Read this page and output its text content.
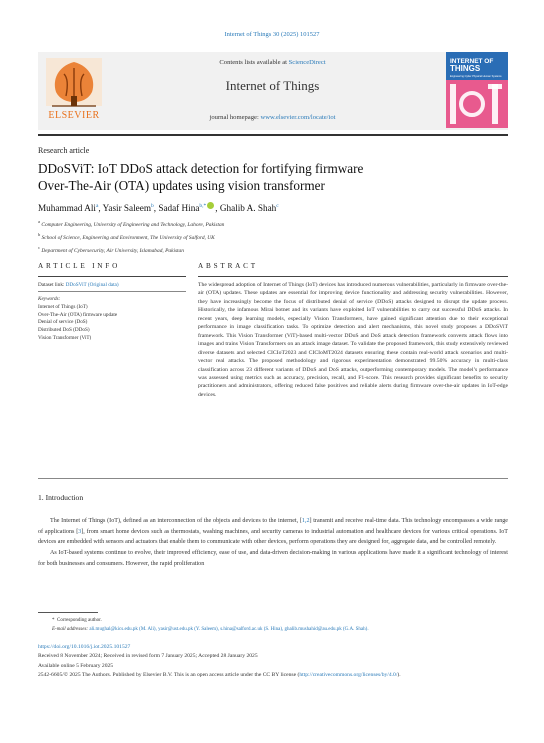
Internet of Things 30 (2025) 101527
ELSEVIER
Contents lists available at ScienceDirect
Internet of Things
journal homepage: www.elsevier.com/locate/iot
INTERNET OF
THINGS
Engineering Cyber Physical Human Systems
Research article
DDoSViT: IoT DDoS attack detection for fortifying firmware
Over-The-Air (OTA) updates using vision transformer
Muhammad Ali$^a$, Yasir Saleem$^b$, Sadaf Hina$^{b,*}$ , Ghalib A. Shah$^c$
$^a$ Computer Engineering, University of Engineering and Technology, Lahore, Pakistan
$^b$ School of Science, Engineering and Environment, The University of Salford, UK
$^c$ Department of Cybersecurity, Air University, Islamabad, Pakistan
ARTICLE INFO	ABSTRACT
Dataset link: DDoSViT (Original data)
Keywords:
Internet of Things (IoT)
Over-The-Air (OTA) firmware update
Denial of service (DoS)
Distributed DoS (DDoS)
Vision Transformer (ViT)
The widespread adoption of Internet of Things (IoT) devices has introduced numerous vulnerabilities, particularly in firmware over-the-air (OTA) updates. These updates are essential for improving device functionality and addressing security vulnerabilities. However, they have increasingly become the focus of distributed denial of service (DDoS) attacks designed to disrupt the update process. Historically, the infamous Mirai botnet and its variants have exploited IoT vulnerabilities to carry out successful DDoS attacks. In recent years, deep learning models, especially Vision Transformers, have gained significant attention due to their exceptional performance in image classification tasks. To optimize detection and alert mechanisms, this novel study proposes a DDoSViT framework. This Vision Transformer (ViT)-based multi-vector DDoS and DoS attack detection framework converts attack flows into images and trains Vision Transformers on an attack image dataset. To validate the proposed framework, this study extensively reviewed diverse datasets and selected CICIoT2023 and CICIoMT2024 datasets ensuring these contain real-world attack scenarios and multi-vector real attacks. The proposed methodology and rigorous experimentation demonstrated 99.50% accuracy in multi-class classification across 23 different variants of DDoS and DoS attacks, outperforming contemporary models. The model’s performance was assessed using metrics such as accuracy, precision, recall, and F1-score. This research provides significant benefits to security practitioners and administrators, offering reduced false positives and reliable alerts during firmware over-the-air updates in IoT-edge devices.
1. Introduction

The Internet of Things (IoT), defined as an interconnection of the objects and devices to the internet, [1,2] transmit and receive real-time data. This technology encompasses a wide range of applications [3], from smart home devices such as thermostats, washing machines, and security cameras to industrial automation and healthcare devices for various critical operations. IoT devices are embedded with sensors and actuators that enable them to communicate with other devices, perform operations they are designed for, aggregate data, and be controlled remotely.

As IoT-based systems continue to evolve, their improved efficiency, ease of use, and data-driven decision-making in various applications have made it a significant technology of interest for both businesses and consumers. However, the rapid proliferation

* Corresponding author.
E-mail addresses: ali.mughal@kics.edu.pk (M. Ali), yasir@ust.edu.pk (Y. Saleem), s.hina@salford.ac.uk (S. Hina), ghalib.mushahid@au.edu.pk (G.A. Shah).
https://doi.org/10.1016/j.iot.2025.101527
Received 8 November 2024; Received in revised form 7 January 2025; Accepted 28 January 2025
Available online 5 February 2025
2542-6605/© 2025 The Authors. Published by Elsevier B.V. This is an open access article under the CC BY license (http://creativecommons.org/licenses/by/4.0/).
